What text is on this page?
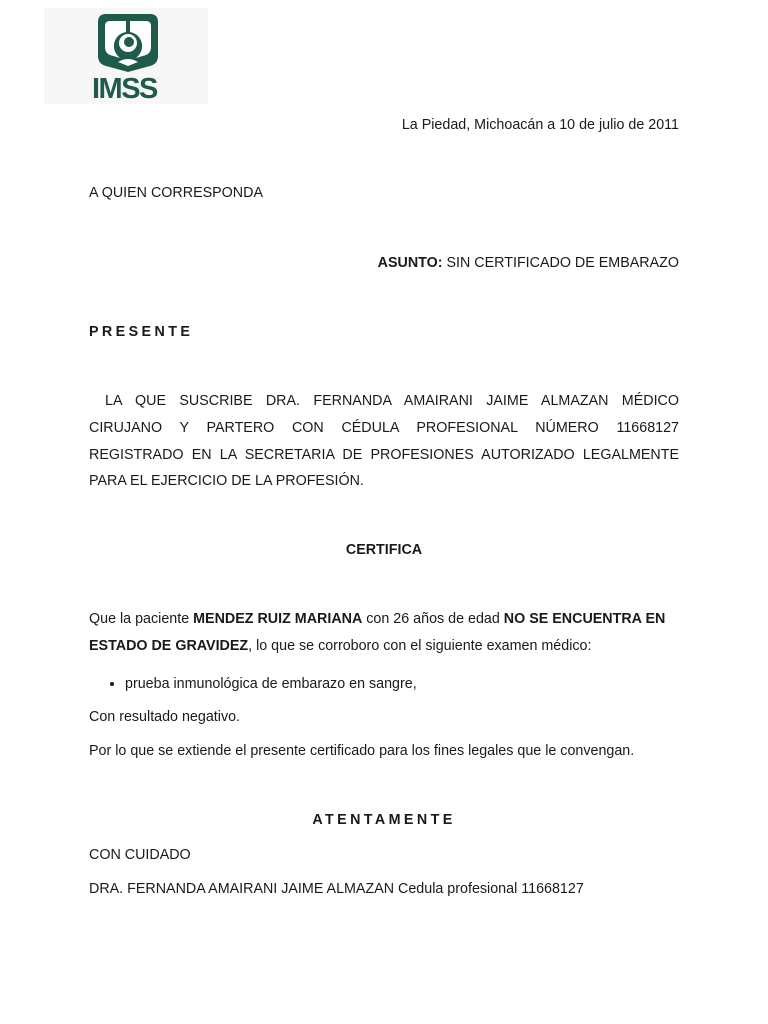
IMSS
La Piedad, Michoacán a 10 de julio de 2011
A QUIEN CORRESPONDA
ASUNTO: SIN CERTIFICADO DE EMBARAZO
PRESENTE
LA QUE SUSCRIBE DRA. FERNANDA AMAIRANI JAIME ALMAZAN MÉDICO CIRUJANO Y PARTERO CON CÉDULA PROFESIONAL NÚMERO 11668127 REGISTRADO EN LA SECRETARIA DE PROFESIONES AUTORIZADO LEGALMENTE PARA EL EJERCICIO DE LA PROFESIÓN.
CERTIFICA
Que la paciente MENDEZ RUIZ MARIANA con 26 años de edad NO SE ENCUENTRA EN ESTADO DE GRAVIDEZ, lo que se corroboro con el siguiente examen médico:
• prueba inmunológica de embarazo en sangre,
Con resultado negativo.
Por lo que se extiende el presente certificado para los fines legales que le convengan.
ATENTAMENTE
CON CUIDADO
DRA. FERNANDA AMAIRANI JAIME ALMAZAN Cedula profesional 11668127
